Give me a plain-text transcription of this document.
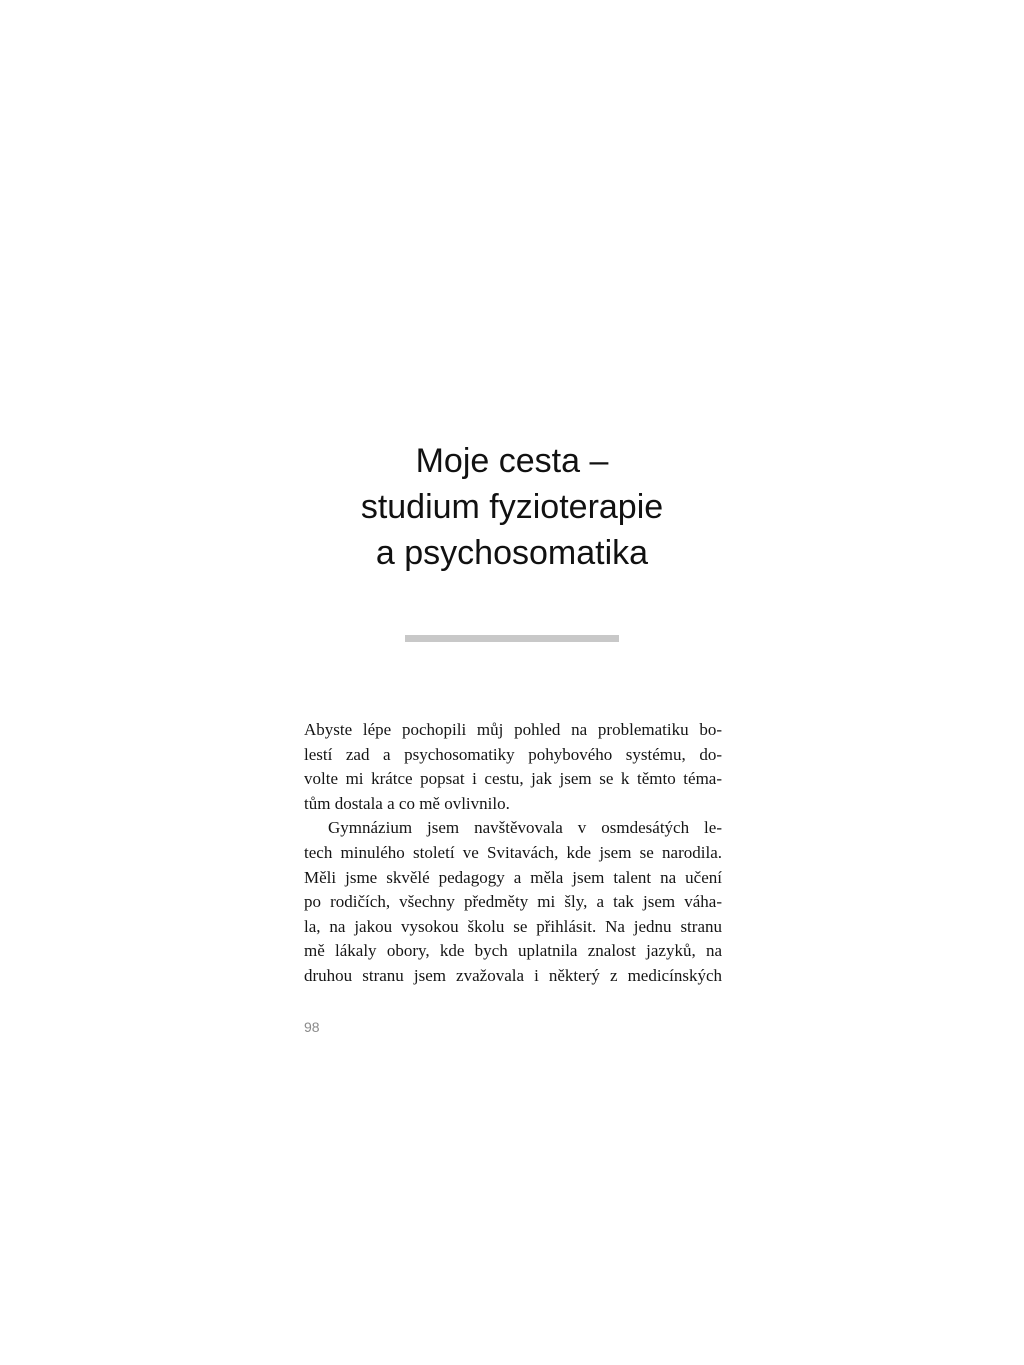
Moje cesta –
studium fyzioterapie
a psychosomatika

Abyste lépe pochopili můj pohled na problematiku bo-
lestí zad a psychosomatiky pohybového systému, do-
volte mi krátce popsat i cestu, jak jsem se k těmto téma-
tům dostala a co mě ovlivnilo.

Gymnázium jsem navštěvovala v osmdesátých le-
tech minulého století ve Svitavách, kde jsem se narodila.
Měli jsme skvělé pedagogy a měla jsem talent na učení
po rodičích, všechny předměty mi šly, a tak jsem váha-
la, na jakou vysokou školu se přihlásit. Na jednu stranu
mě lákaly obory, kde bych uplatnila znalost jazyků, na
druhou stranu jsem zvažovala i některý z medicínských

98
